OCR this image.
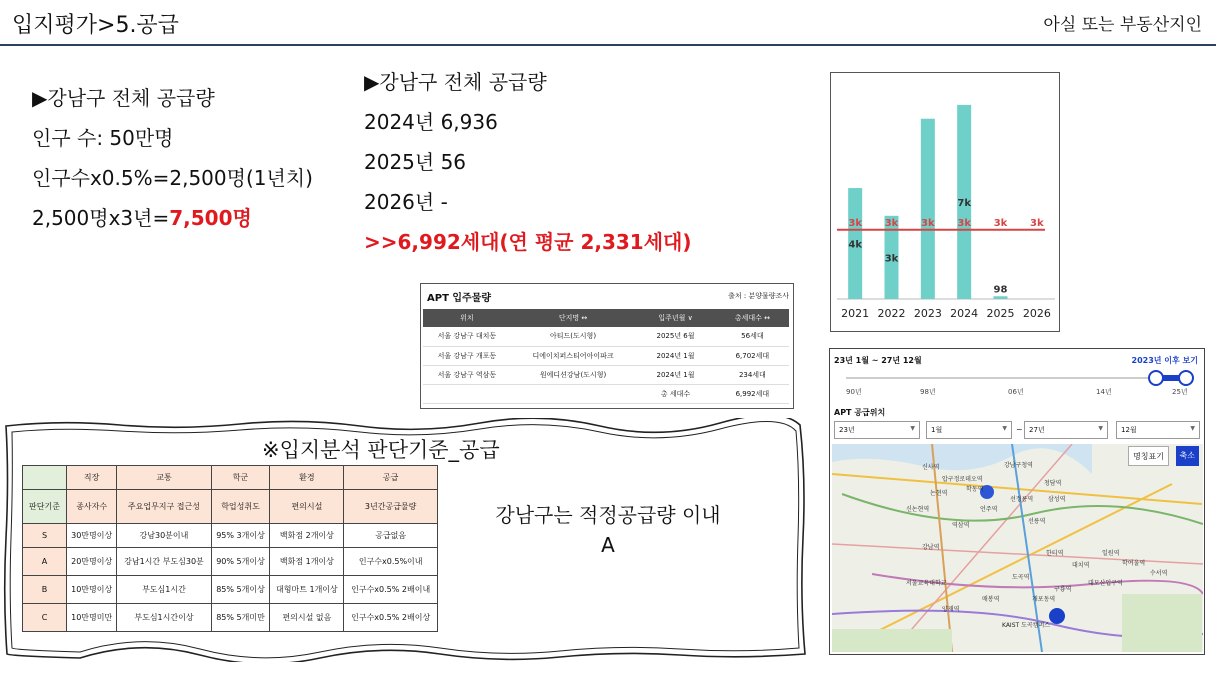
입지평가>5.공급	아실 또는 부동산지인
▶강남구 전체 공급량
인구 수: 50만명
인구수x0.5%=2,500명(1년치)
2,500명x3년=7,500명
▶강남구 전체 공급량
2024년 6,936
2025년 56
2026년 -
>>6,992세대(연 평균 2,331세대)
2021
4k
2022
3k
2023 2024
7k
2025
98
2026
3k 3k 3k 3k 3k 3k
APT 입주물량	출처 : 분양물량조사
위치	단지명 ↔	입주년월 ∨	총세대수 ↔
서울 강남구 대치동	아티드(도시형)	2025년 6월	56세대
서울 강남구 개포동	디에이치퍼스티어아이파크	2024년 1월	6,702세대
서울 강남구 역삼동	원에디션강남(도시형)	2024년 1월	234세대
		총 세대수	6,992세대
※입지분석 판단기준_공급
	직장	교통	학군	환경	공급
판단기준	종사자수	주요업무지구 접근성	학업성취도	편의시설	3년간공급물량
S	30만명이상	강남30분이내	95% 3개이상	백화점 2개이상	공급없음
A	20만명이상	강남1시간 부도심30분	90% 5개이상	백화점 1개이상	인구수x0.5%이내
B	10만명이상	부도심1시간	85% 5개이상	대형마트 1개이상	인구수x0.5% 2배이내
C	10만명미만	부도심1시간이상	85% 5개미만	편의시설 없음	인구수x0.5% 2배이상
강남구는 적정공급량 이내
A
23년 1월 ~ 27년 12월	2023년 이후 보기
90년	98년	06년	14년	25년
APT 공급위치
23년	▼	1월	▼ ~ 27년	▼	12월	▼
명칭표기	축소
신사역	강남구청역
청담역
압구정로데오역
학동역
논현역
선정릉역 삼성역
신논현역	언주역
선릉역
역삼역
강남역
한티역
도곡역
대치역	학여울역
양재역
매봉역	개포동역
대모산입구역
구룡역
수서역
일원역
KAIST 도곡캠퍼스
서울교육대학교
